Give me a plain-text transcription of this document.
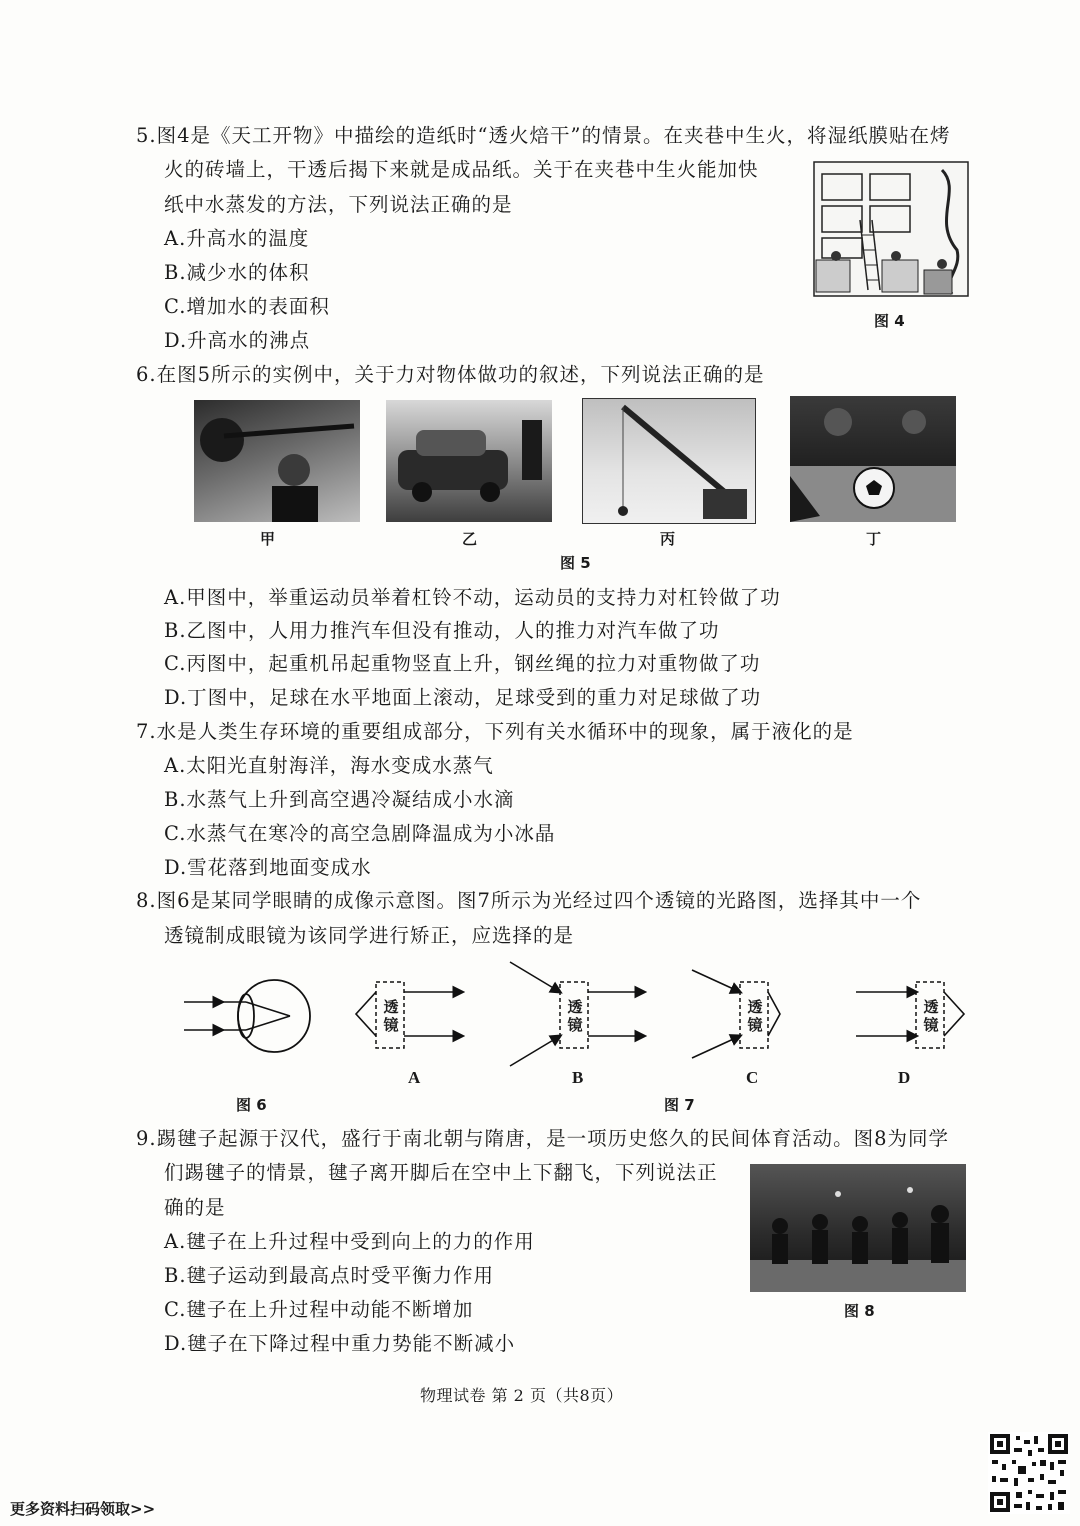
5.图4是《天工开物》中描绘的造纸时“透火焙干”的情景。在夹巷中生火，将湿纸膜贴在烤
火的砖墙上，干透后揭下来就是成品纸。关于在夹巷中生火能加快
纸中水蒸发的方法，下列说法正确的是
A.升高水的温度
B.减少水的体积
C.增加水的表面积
D.升高水的沸点
图 4
6.在图5所示的实例中，关于力对物体做功的叙述，下列说法正确的是
甲	乙	丙	丁
图 5
A.甲图中，举重运动员举着杠铃不动，运动员的支持力对杠铃做了功
B.乙图中，人用力推汽车但没有推动，人的推力对汽车做了功
C.丙图中，起重机吊起重物竖直上升，钢丝绳的拉力对重物做了功
D.丁图中，足球在水平地面上滚动，足球受到的重力对足球做了功
7.水是人类生存环境的重要组成部分，下列有关水循环中的现象，属于液化的是
A.太阳光直射海洋，海水变成水蒸气
B.水蒸气上升到高空遇冷凝结成小水滴
C.水蒸气在寒冷的高空急剧降温成为小冰晶
D.雪花落到地面变成水
8.图6是某同学眼睛的成像示意图。图7所示为光经过四个透镜的光路图，选择其中一个
透镜制成眼镜为该同学进行矫正，应选择的是
透镜
透镜
透镜
透镜
A	B	C	D
图 6	图 7
9.踢毽子起源于汉代，盛行于南北朝与隋唐，是一项历史悠久的民间体育活动。图8为同学
们踢毽子的情景，毽子离开脚后在空中上下翻飞，下列说法正
确的是
A.毽子在上升过程中受到向上的力的作用
B.毽子运动到最高点时受平衡力作用
C.毽子在上升过程中动能不断增加
D.毽子在下降过程中重力势能不断减小
图 8
物理试卷 第 2 页（共8页）
更多资料扫码领取>>
